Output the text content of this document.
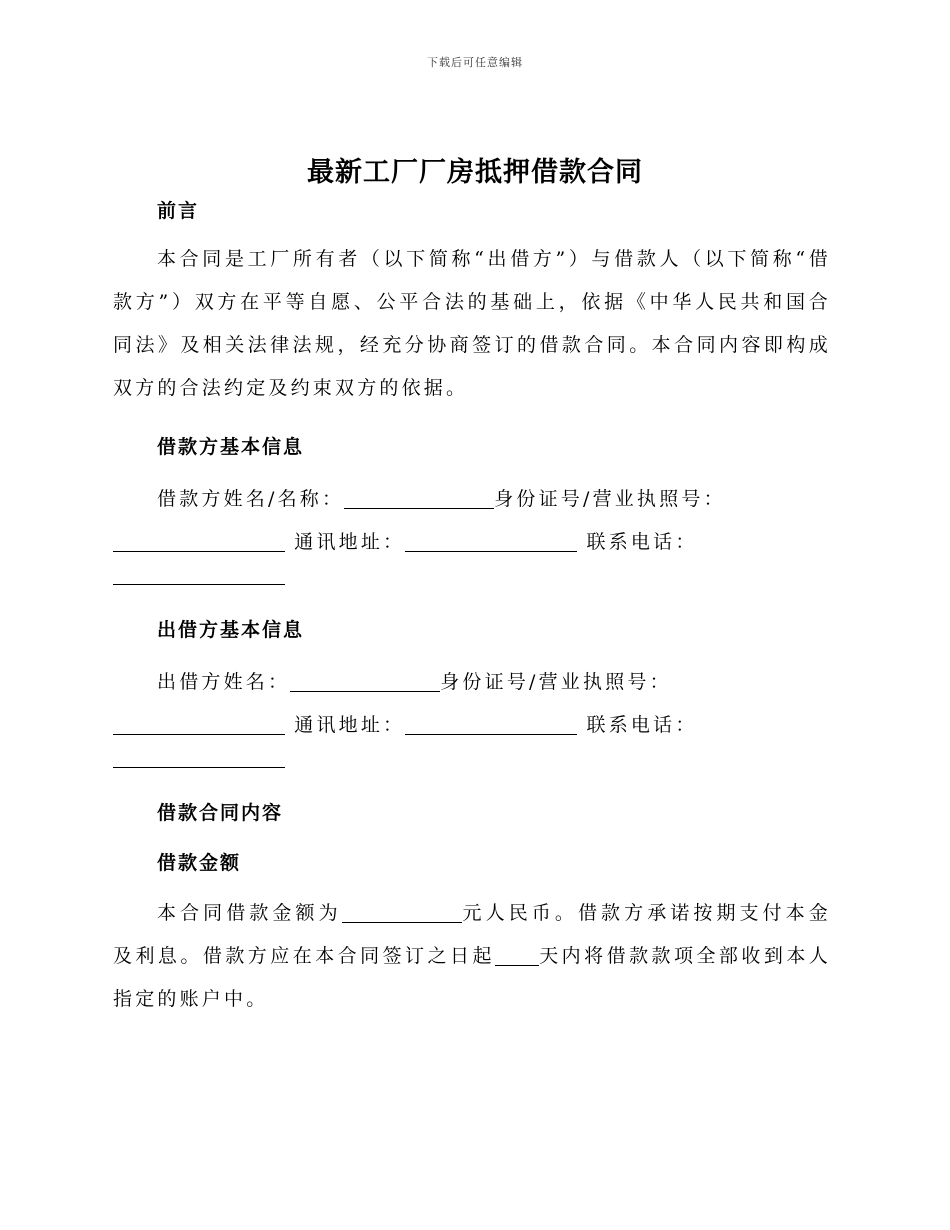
下载后可任意编辑
最新工厂厂房抵押借款合同

前言

本合同是工厂所有者（以下简称“出借方”）与借款人（以下简称“借款方”）双方在平等自愿、公平合法的基础上，依据《中华人民共和国合同法》及相关法律法规，经充分协商签订的借款合同。本合同内容即构成双方的合法约定及约束双方的依据。

借款方基本信息

借款方姓名/名称：	身份证号/营业执照号：
通讯地址：	联系电话：

出借方基本信息

出借方姓名：	身份证号/营业执照号：
通讯地址：	联系电话：

借款合同内容

借款金额

本合同借款金额为	元人民币。借款方承诺按期支付本金及利息。借款方应在本合同签订之日起 天内将借款款项全部收到本人指定的账户中。
